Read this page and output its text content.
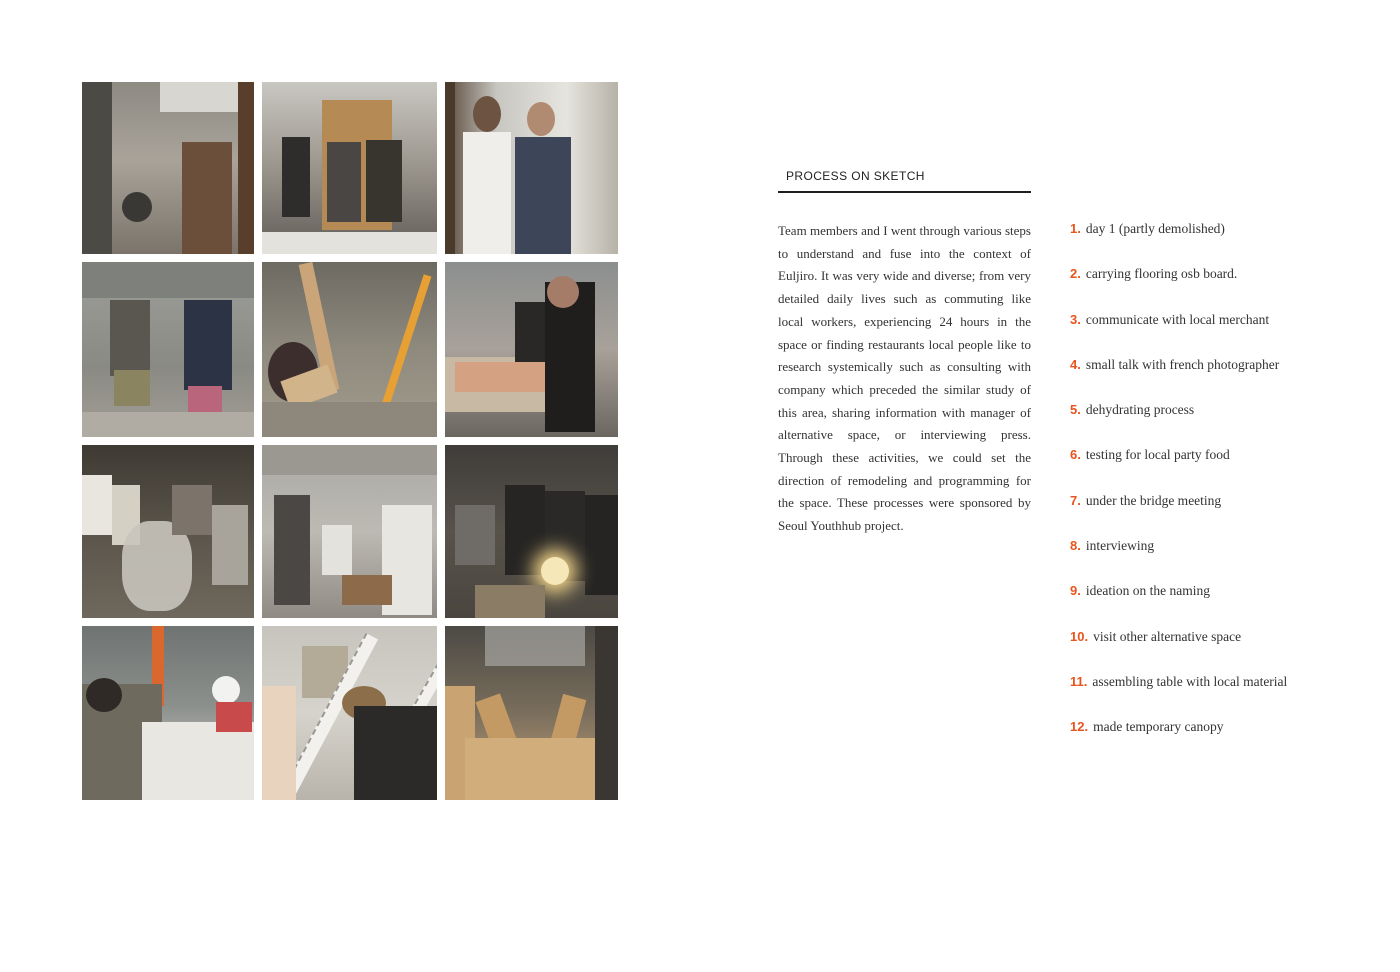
PROCESS ON SKETCH

Team members and I went through various steps to understand and fuse into the context of Euljiro. It was very wide and diverse; from very detailed daily lives such as commuting like local workers, experiencing 24 hours in the space or finding restaurants local people like to research systemically such as consulting with company which preceded the similar study of this area, sharing information with manager of alternative space, or interviewing press. Through these activities, we could set the direction of remodeling and programming for the space. These processes were sponsored by Seoul Youthhub project.

1. day 1 (partly demolished)
2. carrying flooring osb board.
3. communicate with local merchant
4. small talk with french photographer
5. dehydrating process
6. testing for local party food
7. under the bridge meeting
8. interviewing
9. ideation on the naming
10. visit other alternative space
11. assembling table with local material
12. made temporary canopy
